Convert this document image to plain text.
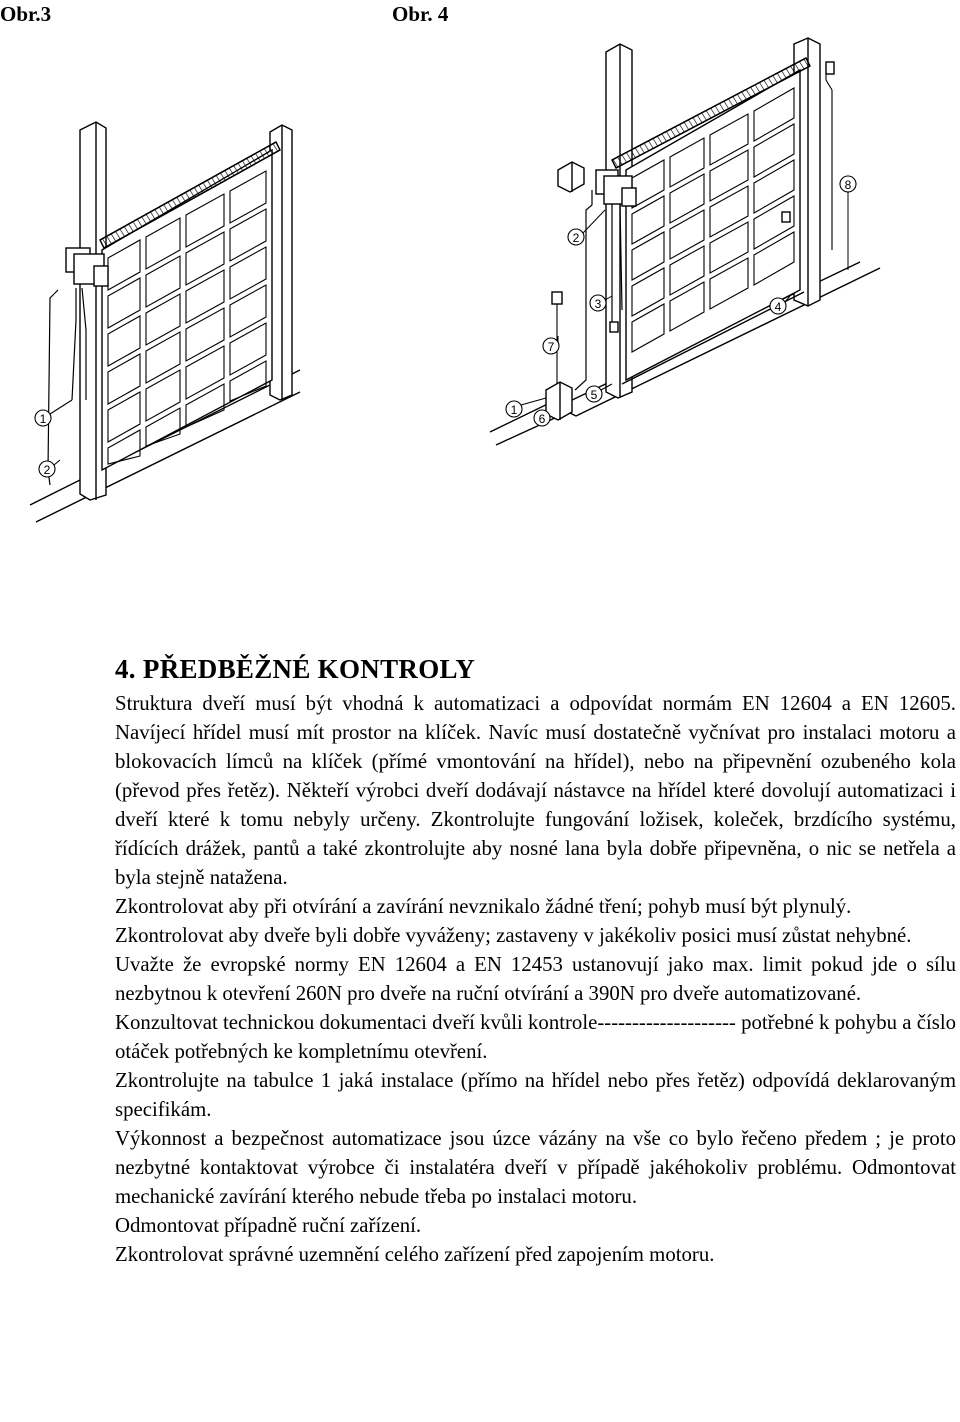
Obr.3	Obr. 4
1
2
1
2
3	4
5
6
7
8
4. PŘEDBĚŽNÉ KONTROLY

Struktura dveří musí být vhodná k automatizaci a odpovídat normám EN 12604 a EN 12605. Navíjecí hřídel musí mít prostor na klíček. Navíc musí dostatečně vyčnívat pro instalaci motoru a blokovacích límců na klíček (přímé vmontování na hřídel), nebo na připevnění ozubeného kola (převod přes řetěz). Někteří výrobci dveří dodávají nástavce na hřídel které dovolují automatizaci i dveří které k tomu nebyly určeny. Zkontrolujte fungování ložisek, koleček, brzdícího systému, řídících drážek, pantů a také zkontrolujte aby nosné lana byla dobře připevněna, o nic se netřela a byla stejně natažena.

Zkontrolovat aby při otvírání a zavírání nevznikalo žádné tření; pohyb musí být plynulý.

Zkontrolovat aby dveře byli dobře vyváženy; zastaveny v jakékoliv posici musí zůstat nehybné.

Uvažte že evropské normy EN 12604 a EN 12453 ustanovují jako max. limit pokud jde o sílu nezbytnou k otevření 260N pro dveře na ruční otvírání a 390N pro dveře automatizované.

Konzultovat technickou dokumentaci dveří kvůli kontrole-------------------- potřebné k pohybu a číslo otáček potřebných ke kompletnímu otevření.

Zkontrolujte na tabulce 1 jaká instalace (přímo na hřídel nebo přes řetěz) odpovídá deklarovaným specifikám.

Výkonnost a bezpečnost automatizace jsou úzce vázány na vše co bylo řečeno předem ; je proto nezbytné kontaktovat výrobce či instalatéra dveří v případě jakéhokoliv problému. Odmontovat mechanické zavírání kterého nebude třeba po instalaci motoru.

Odmontovat případně ruční zařízení.

Zkontrolovat správné uzemnění celého zařízení před zapojením motoru.
